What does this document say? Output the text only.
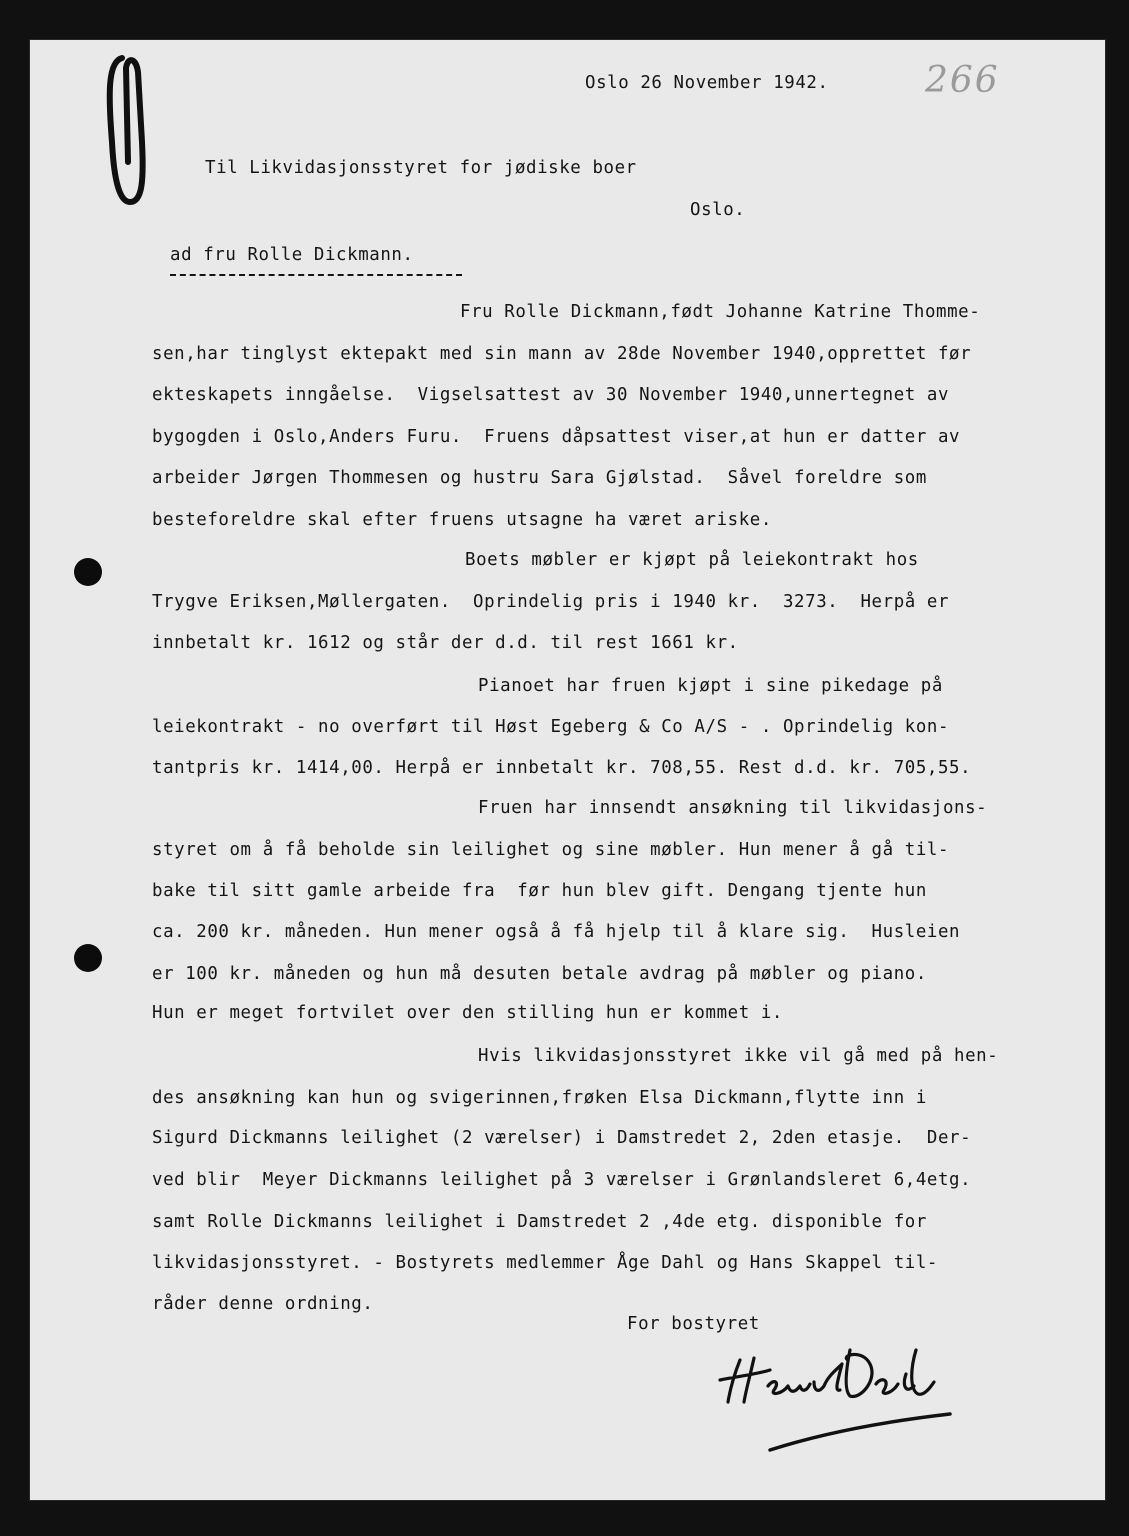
266
Oslo 26 November 1942.
Til Likvidasjonsstyret for jødiske boer
Oslo.
ad fru Rolle Dickmann.
Fru Rolle Dickmann,født Johanne Katrine Thomme-
sen,har tinglyst ektepakt med sin mann av 28de November 1940,opprettet før
ekteskapets inngåelse.  Vigselsattest av 30 November 1940,unnertegnet av
bygogden i Oslo,Anders Furu.  Fruens dåpsattest viser,at hun er datter av
arbeider Jørgen Thommesen og hustru Sara Gjølstad.  Såvel foreldre som
besteforeldre skal efter fruens utsagne ha været ariske.
Boets møbler er kjøpt på leiekontrakt hos
Trygve Eriksen,Møllergaten.  Oprindelig pris i 1940 kr.  3273.  Herpå er
innbetalt kr. 1612 og står der d.d. til rest 1661 kr.
Pianoet har fruen kjøpt i sine pikedage på
leiekontrakt - no overført til Høst Egeberg & Co A/S - . Oprindelig kon-
tantpris kr. 1414,00. Herpå er innbetalt kr. 708,55. Rest d.d. kr. 705,55.
Fruen har innsendt ansøkning til likvidasjons-
styret om å få beholde sin leilighet og sine møbler. Hun mener å gå til-
bake til sitt gamle arbeide fra  før hun blev gift. Dengang tjente hun
ca. 200 kr. måneden. Hun mener også å få hjelp til å klare sig.  Husleien
er 100 kr. måneden og hun må desuten betale avdrag på møbler og piano.
Hun er meget fortvilet over den stilling hun er kommet i.
Hvis likvidasjonsstyret ikke vil gå med på hen-
des ansøkning kan hun og svigerinnen,frøken Elsa Dickmann,flytte inn i
Sigurd Dickmanns leilighet (2 værelser) i Damstredet 2, 2den etasje.  Der-
ved blir  Meyer Dickmanns leilighet på 3 værelser i Grønlandsleret 6,4etg.
samt Rolle Dickmanns leilighet i Damstredet 2 ,4de etg. disponible for
likvidasjonsstyret. - Bostyrets medlemmer Åge Dahl og Hans Skappel til-
råder denne ordning.
For bostyret
